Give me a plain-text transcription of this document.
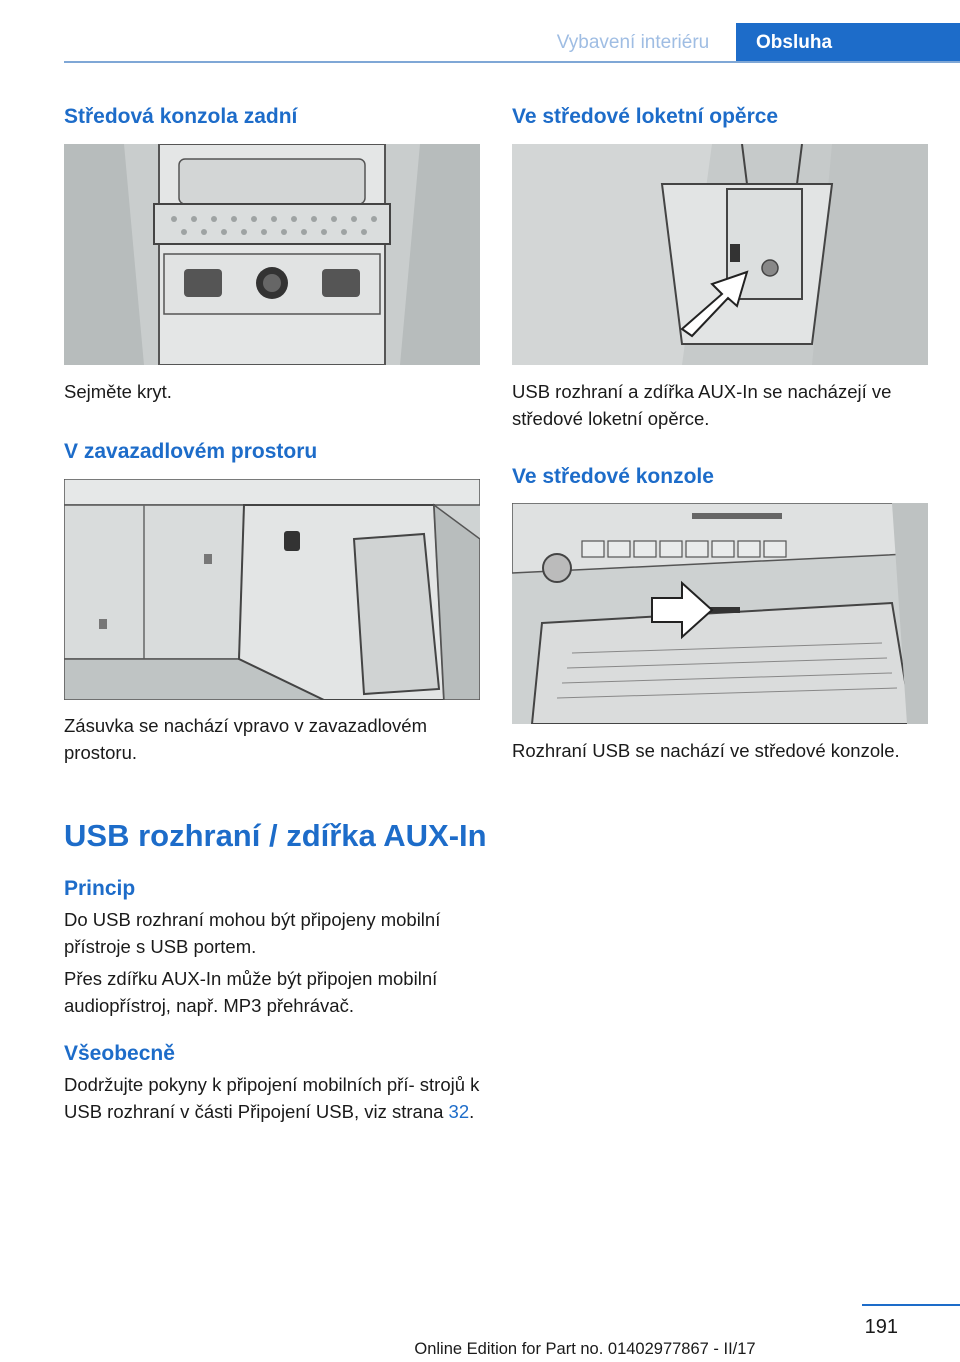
Vybavení interiéru	Obsluha
Středová konzola zadní
Sejměte kryt.
V zavazadlovém prostoru
Zásuvka se nachází vpravo v zavazadlovém prostoru.
USB rozhraní / zdířka AUX-In
Princip
Do USB rozhraní mohou být připojeny mobilní přístroje s USB portem.
Přes zdířku AUX-In může být připojen mobilní audiopřístroj, např. MP3 přehrávač.
Všeobecně
Dodržujte pokyny k připojení mobilních pří‐ strojů k USB rozhraní v části Připojení USB, viz strana 32.
Ve středové loketní opěrce
USB rozhraní a zdířka AUX-In se nacházejí ve středové loketní opěrce.
Ve středové konzole
Rozhraní USB se nachází ve středové konzole.
191
Online Edition for Part no. 01402977867 - II/17
